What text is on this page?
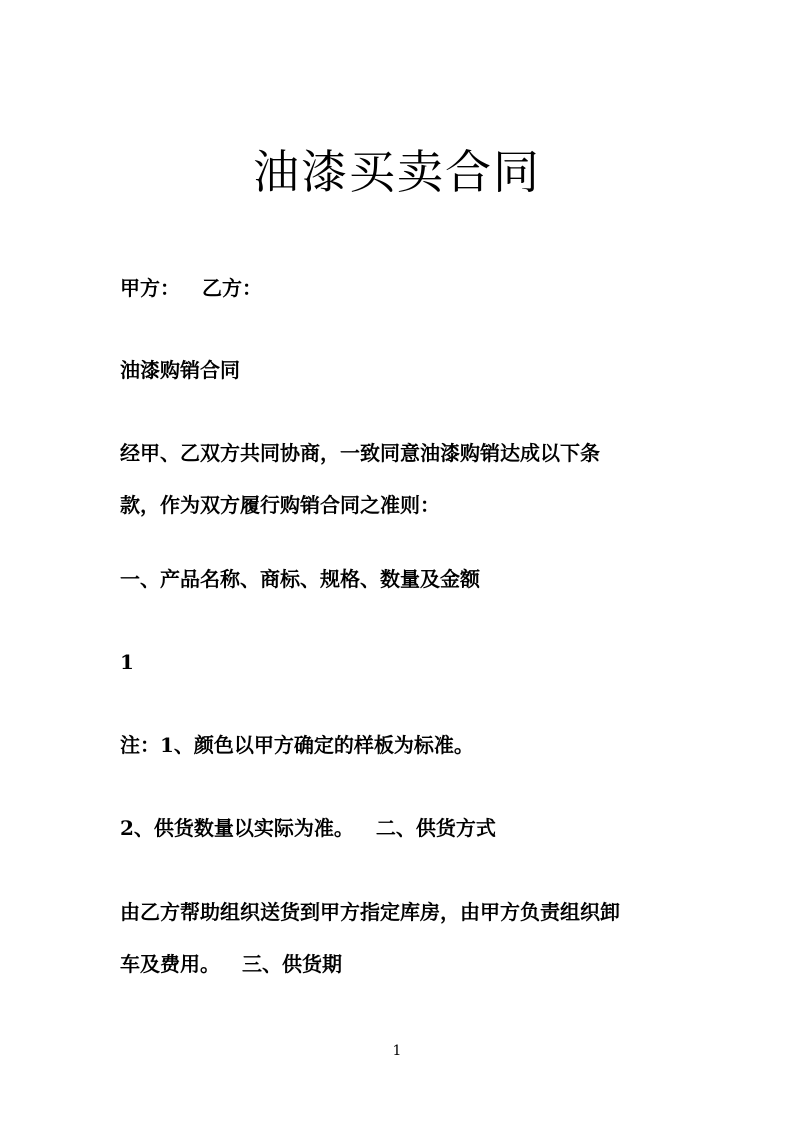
油漆买卖合同

甲方： 乙方：

油漆购销合同

经甲、乙双方共同协商，一致同意油漆购销达成以下条
款，作为双方履行购销合同之准则：

一、产品名称、商标、规格、数量及金额

1

注：1、颜色以甲方确定的样板为标准。

2、供货数量以实际为准。 二、供货方式

由乙方帮助组织送货到甲方指定库房，由甲方负责组织卸
车及费用。 三、供货期

1
